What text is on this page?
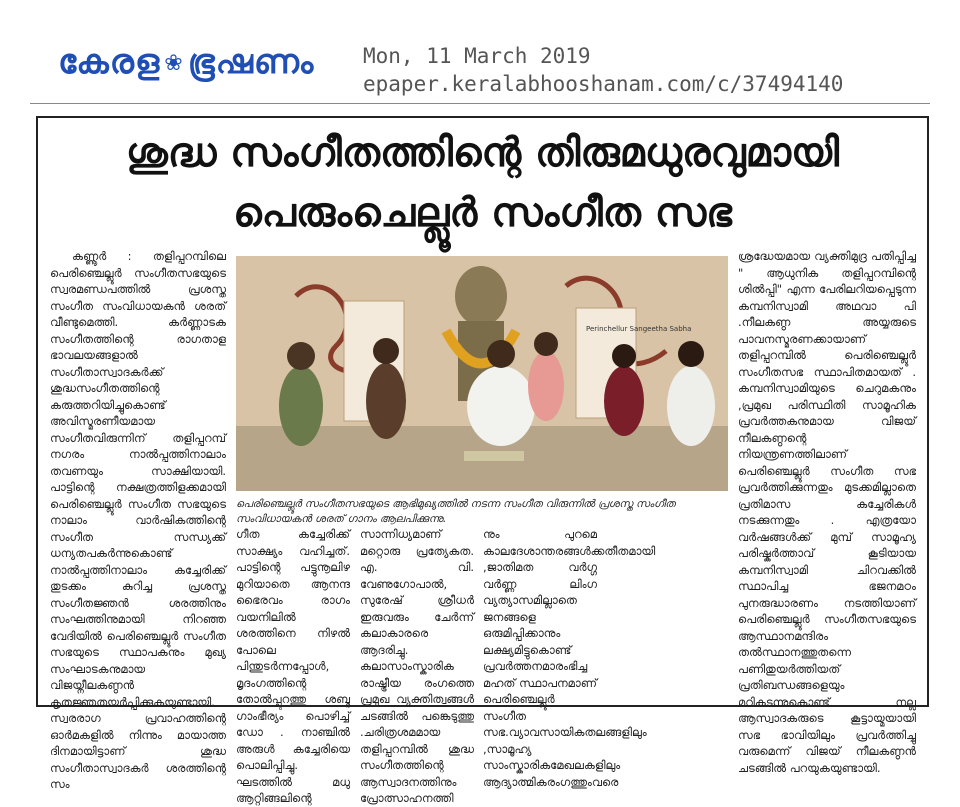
കേരള ❀ ഭൂഷണം Mon, 11 March 2019
epaper.keralabhooshanam.com/c/37494140
ശുദ്ധ സംഗീതത്തിന്റെ തിരുമധുരവുമായി
പെരുംചെല്ലൂർ സംഗീത സഭ

കണ്ണൂർ : തളിപ്പറമ്പിലെ പെരിഞ്ചെല്ലൂർ സംഗീതസഭയുടെ സ്വരമണ്ഡപത്തിൽ പ്രശസ്ത സംഗീത സംവിധായകൻ ശരത് വീണ്ടുമെത്തി. കർണ്ണാടക സംഗീതത്തിന്റെ രാഗതാള ഭാവലയങ്ങളാൽ സംഗീതാസ്വാദകർക്ക് ശുദ്ധസംഗീതത്തിന്റെ കരുത്തറിയിച്ചുകൊണ്ട് അവിസ്മരണീയമായ സംഗീതവിരുന്നിന് തളിപ്പറമ്പ് നഗരം നാൽപ്പത്തിനാലാം തവണയും സാക്ഷിയായി. പാട്ടിന്റെ നക്ഷത്രത്തിളക്കമായി പെരിഞ്ചെല്ലൂർ സംഗീത സഭയുടെ നാലാം വാർഷികത്തിന്റെ സംഗീത സന്ധ്യക്ക് ധന്യതപകർന്നുകൊണ്ട് നാൽപ്പത്തിനാലാം കച്ചേരിക്ക് തുടക്കം കുറിച്ച പ്രശസ്ത സംഗീതജ്ഞൻ ശരത്തിനും സംഘത്തിനുമായി നിറഞ്ഞ വേദിയിൽ പെരിഞ്ചെല്ലൂർ സംഗീത സഭയുടെ സ്ഥാപകനും മുഖ്യ സംഘാടകനുമായ വിജയ്നീലകണ്ഠൻ കൃതജ്ഞതയർപ്പിക്കുകയുണ്ടായി. സ്വരരാഗ പ്രവാഹത്തിന്റെ ഓർമകളിൽ നിന്നും മായാത്ത ദിനമായിട്ടാണ് ശുദ്ധ സംഗീതാസ്വാദകർ ശരത്തിന്റെ സം

Perinchellur Sangeetha Sabha
പെരിഞ്ചെല്ലൂർ സംഗീതസഭയുടെ ആഭിമുഖ്യത്തിൽ നടന്ന സംഗീത വിരുന്നിൽ പ്രശസ്ത സംഗീത സംവിധായകൻ ശരത് ഗാനം ആലപിക്കുന്നു.

ഗീത കച്ചേരിക്ക് സാക്ഷ്യം വഹിച്ചത്. പാട്ടിന്റെ പട്ടുനൂലിഴ മുറിയാതെ ആനന്ദ ഭൈരവം രാഗം വയനിലിൽ ശരത്തിനെ നിഴൽ പോലെ പിന്തുടർന്നപ്പോൾ, മൃദംഗത്തിന്റെ തോൽപ്പുറത്തു ശബ്ദ ഗാംഭീര്യം പൊഴിച്ച് ഡോ . നാഞ്ചിൽ അരുൾ കച്ചേരിയെ പൊലിപ്പിച്ചു. ഘടത്തിൽ മധു ആറ്റിങ്ങലിന്റെ

സാന്നിധ്യമാണ് മറ്റൊരു പ്രത്യേകത. എ. വി. വേണുഗോപാൽ, സുരേഷ് ശ്രീധർ ഇരുവരും ചേർന്ന് കലാകാരരെ ആദരിച്ചു. കലാസാംസ്കാരിക രാഷ്ട്രീയ രംഗത്തെ പ്രമുഖ വ്യക്തിത്വങ്ങൾ ചടങ്ങിൽ പങ്കെടുത്തു .ചരിത്രശമമായ തളിപ്പറമ്പിൽ ശുദ്ധ സംഗീതത്തിന്റെ ആസ്വാദനത്തിനും പ്രോത്സാഹനത്തി

നും പുറമെ കാലദേശാന്തരങ്ങൾക്കതീതമായി ,ജാതിമത വർഗ്ഗ വർണ്ണ ലിംഗ വ്യത്യാസമില്ലാതെ ജനങ്ങളെ ഒരുമിപ്പിക്കാനും ലക്ഷ്യമിട്ടുകൊണ്ട് പ്രവർത്തനമാരംഭിച്ച മഹത് സ്ഥാപനമാണ് പെരിഞ്ചെല്ലൂർ സംഗീത സഭ.വ്യാവസായികതലങ്ങളിലും ,സാമൂഹ്യ സാംസ്കാരികമേഖലകളിലും ആദ്യാത്മികരംഗത്തുംവരെ

ശ്രദ്ധേയമായ വ്യക്തിമുദ്ര പതിപ്പിച്ച " ആധുനിക തളിപ്പറമ്പിന്റെ ശിൽപ്പി" എന്ന പേരിലറിയപ്പെടുന്ന കമ്പനിസ്വാമി അഥവാ പി .നീലകണ്ഠ അയ്യരുടെ പാവനസ്മരണക്കായാണ് തളിപ്പറമ്പിൽ പെരിഞ്ചെല്ലൂർ സംഗീതസഭ സ്ഥാപിതമായത് . കമ്പനിസ്വാമിയുടെ ചെറുമകനും ,പ്രമുഖ പരിസ്ഥിതി സാമൂഹിക പ്രവർത്തകനുമായ വിജയ് നീലകണ്ഠന്റെ നിയന്ത്രണത്തിലാണ് പെരിഞ്ചെല്ലൂർ സംഗീത സഭ പ്രവർത്തിക്കുന്നതും മുടക്കമില്ലാതെ പ്രതിമാസ കച്ചേരികൾ നടക്കുന്നതും . എത്രയോ വർഷങ്ങൾക്ക് മുമ്പ് സാമൂഹ്യ പരിഷ്കർത്താവ് കൂടിയായ കമ്പനിസ്വാമി ചിറവക്കിൽ സ്ഥാപിച്ച ഭജനമഠം പുനരുദ്ധാരണം നടത്തിയാണ് പെരിഞ്ചെല്ലൂർ സംഗീതസഭയുടെ ആസ്ഥാനമന്ദിരം തൽസ്ഥാനത്തുതന്നെ പണിതുയർത്തിയത് പ്രതിബന്ധങ്ങളെയും മറികടന്നുകൊണ്ട് നല്ല ആസ്വാദകരുടെ കൂട്ടായ്മയായി സഭ ഭാവിയിലും പ്രവർത്തിച്ചു വരുമെന്ന് വിജയ് നീലകണ്ഠൻ ചടങ്ങിൽ പറയുകയുണ്ടായി.
